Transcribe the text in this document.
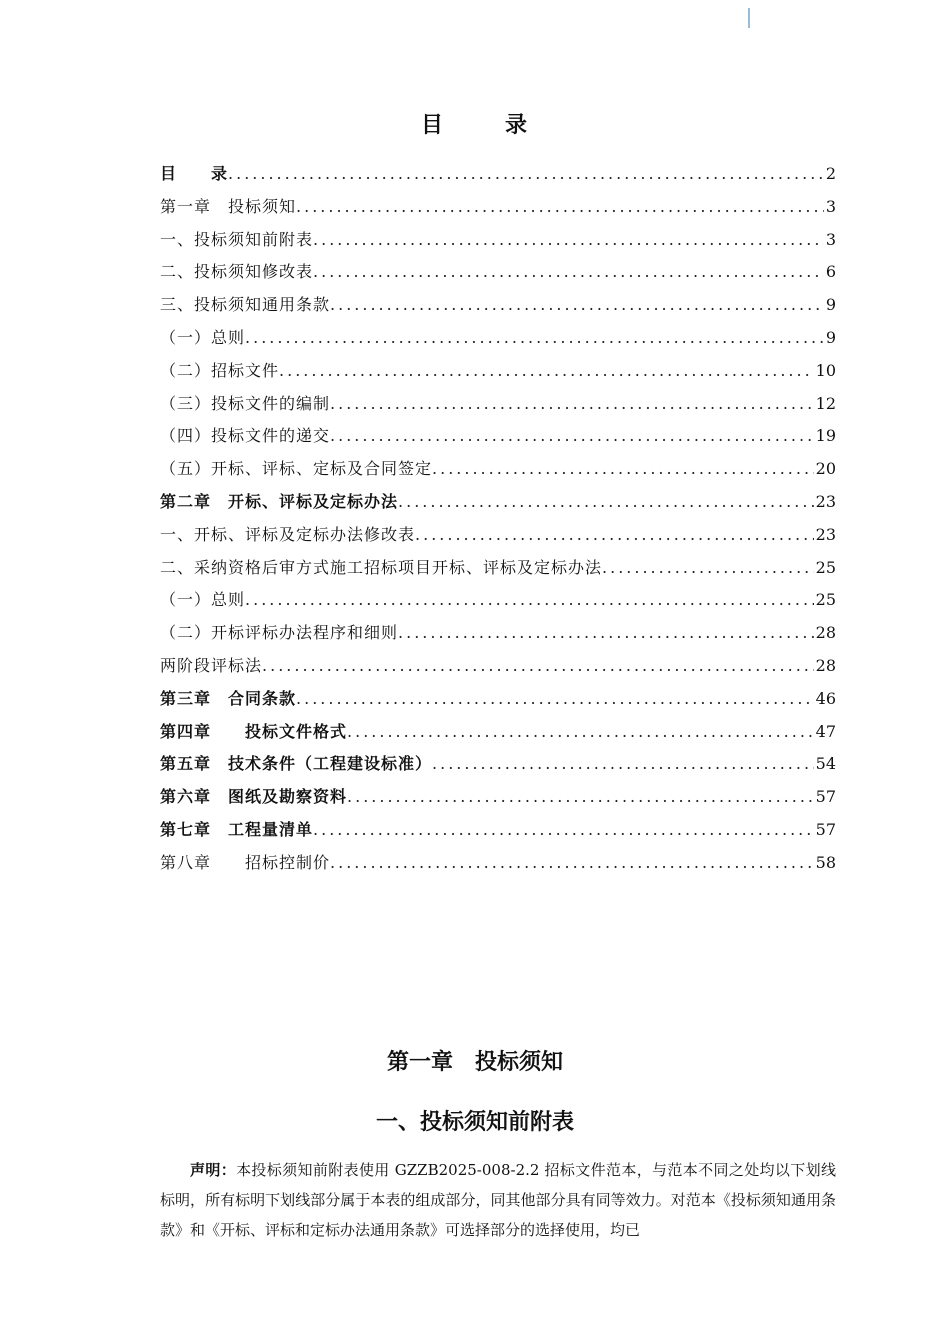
目	录
目　　录 .....	2
第一章　投标须知 .....	3
一、投标须知前附表 .....	3
二、投标须知修改表 .....	6
三、投标须知通用条款 .....	9
（一）总则 .....	9
（二）招标文件 .....	10
（三）投标文件的编制 .....	12
（四）投标文件的递交 .....	19
（五）开标、评标、定标及合同签定 .....	20
第二章　开标、评标及定标办法 .....	23
一、开标、评标及定标办法修改表 .....	23
二、采纳资格后审方式施工招标项目开标、评标及定标办法 .....	25
（一）总则 .....	25
（二）开标评标办法程序和细则 .....	28
两阶段评标法 .....	28
第三章　合同条款 .....	46
第四章　　投标文件格式 .....	47
第五章　技术条件（工程建设标准） .....	54
第六章　图纸及勘察资料 .....	57
第七章　工程量清单 .....	57
第八章　　招标控制价 .....	58
第一章　投标须知
一、投标须知前附表
声明：本投标须知前附表使用 GZZB2025-008-2.2 招标文件范本，与范本不同之处均以下划线标明，所有标明下划线部分属于本表的组成部分，同其他部分具有同等效力。对范本《投标须知通用条款》和《开标、评标和定标办法通用条款》可选择部分的选择使用，均已
